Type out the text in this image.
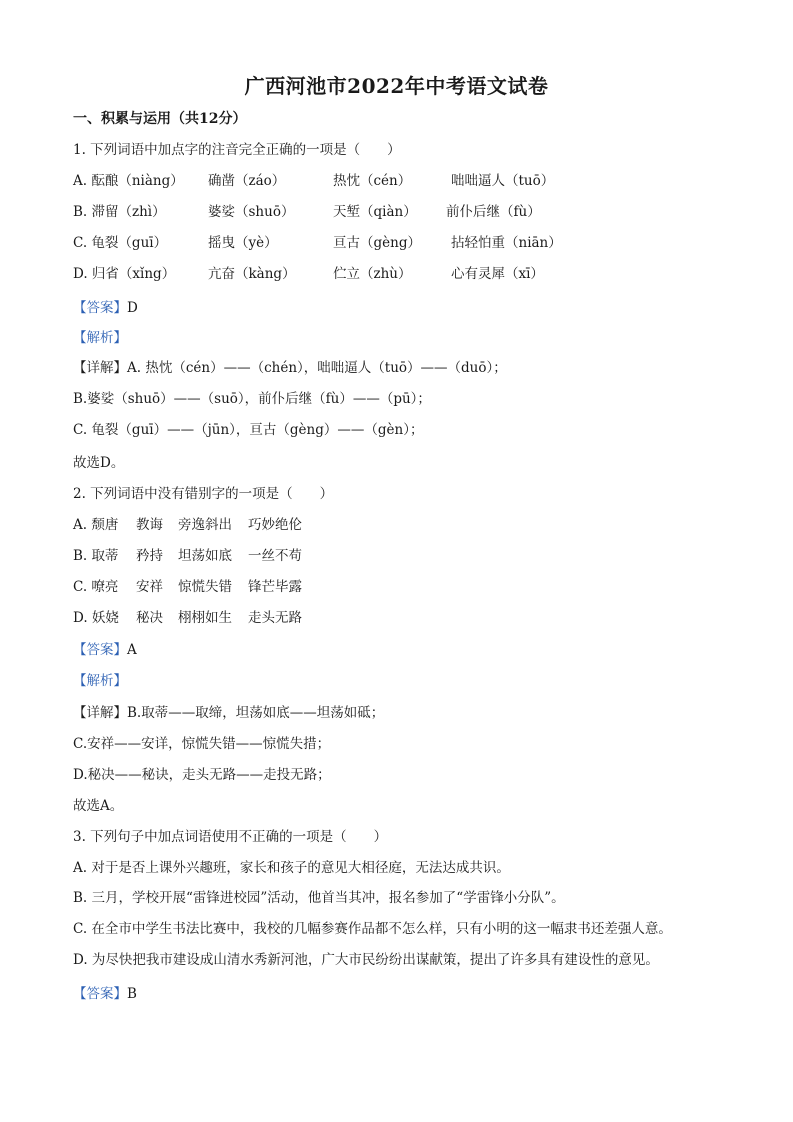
广西河池市2022年中考语文试卷
一、积累与运用（共12分）
1. 下列词语中加点字的注音完全正确的一项是（　　）
A. 酝酿（niàng） 确凿（záo）	热忱（cén）	咄咄逼人（tuō）
B. 滞留（zhì）	婆娑（shuō）	天堑（qiàn） 前仆后继（fù）
C. 龟裂（guī）	摇曳（yè）	亘古（gèng） 拈轻怕重（niān）
D. 归省（xǐng） 亢奋（kàng）	伫立（zhù）	心有灵犀（xī）
【答案】D
【解析】
【详解】A. 热忱（cén）——（chén），咄咄逼人（tuō）——（duō）；
B.婆娑（shuō）——（suō），前仆后继（fù）——（pū）；
C. 龟裂（guī）——（jūn），亘古（gèng）——（gèn）；
故选D。
2. 下列词语中没有错别字的一项是（　　）
A. 颓唐 教诲 旁逸斜出 巧妙绝伦
B. 取蒂 矜持 坦荡如底 一丝不苟
C. 嘹亮 安祥 惊慌失错 锋芒毕露
D. 妖娆 秘决 栩栩如生 走头无路
【答案】A
【解析】
【详解】B.取蒂——取缔，坦荡如底——坦荡如砥；
C.安祥——安详，惊慌失错——惊慌失措；
D.秘决——秘诀，走头无路——走投无路；
故选A。
3. 下列句子中加点词语使用不正确的一项是（　　）
A. 对于是否上课外兴趣班，家长和孩子的意见大相径庭，无法达成共识。
B. 三月，学校开展“雷锋进校园”活动，他首当其冲，报名参加了“学雷锋小分队”。
C. 在全市中学生书法比赛中，我校的几幅参赛作品都不怎么样，只有小明的这一幅隶书还差强人意。
D. 为尽快把我市建设成山清水秀新河池，广大市民纷纷出谋献策，提出了许多具有建设性的意见。
【答案】B
